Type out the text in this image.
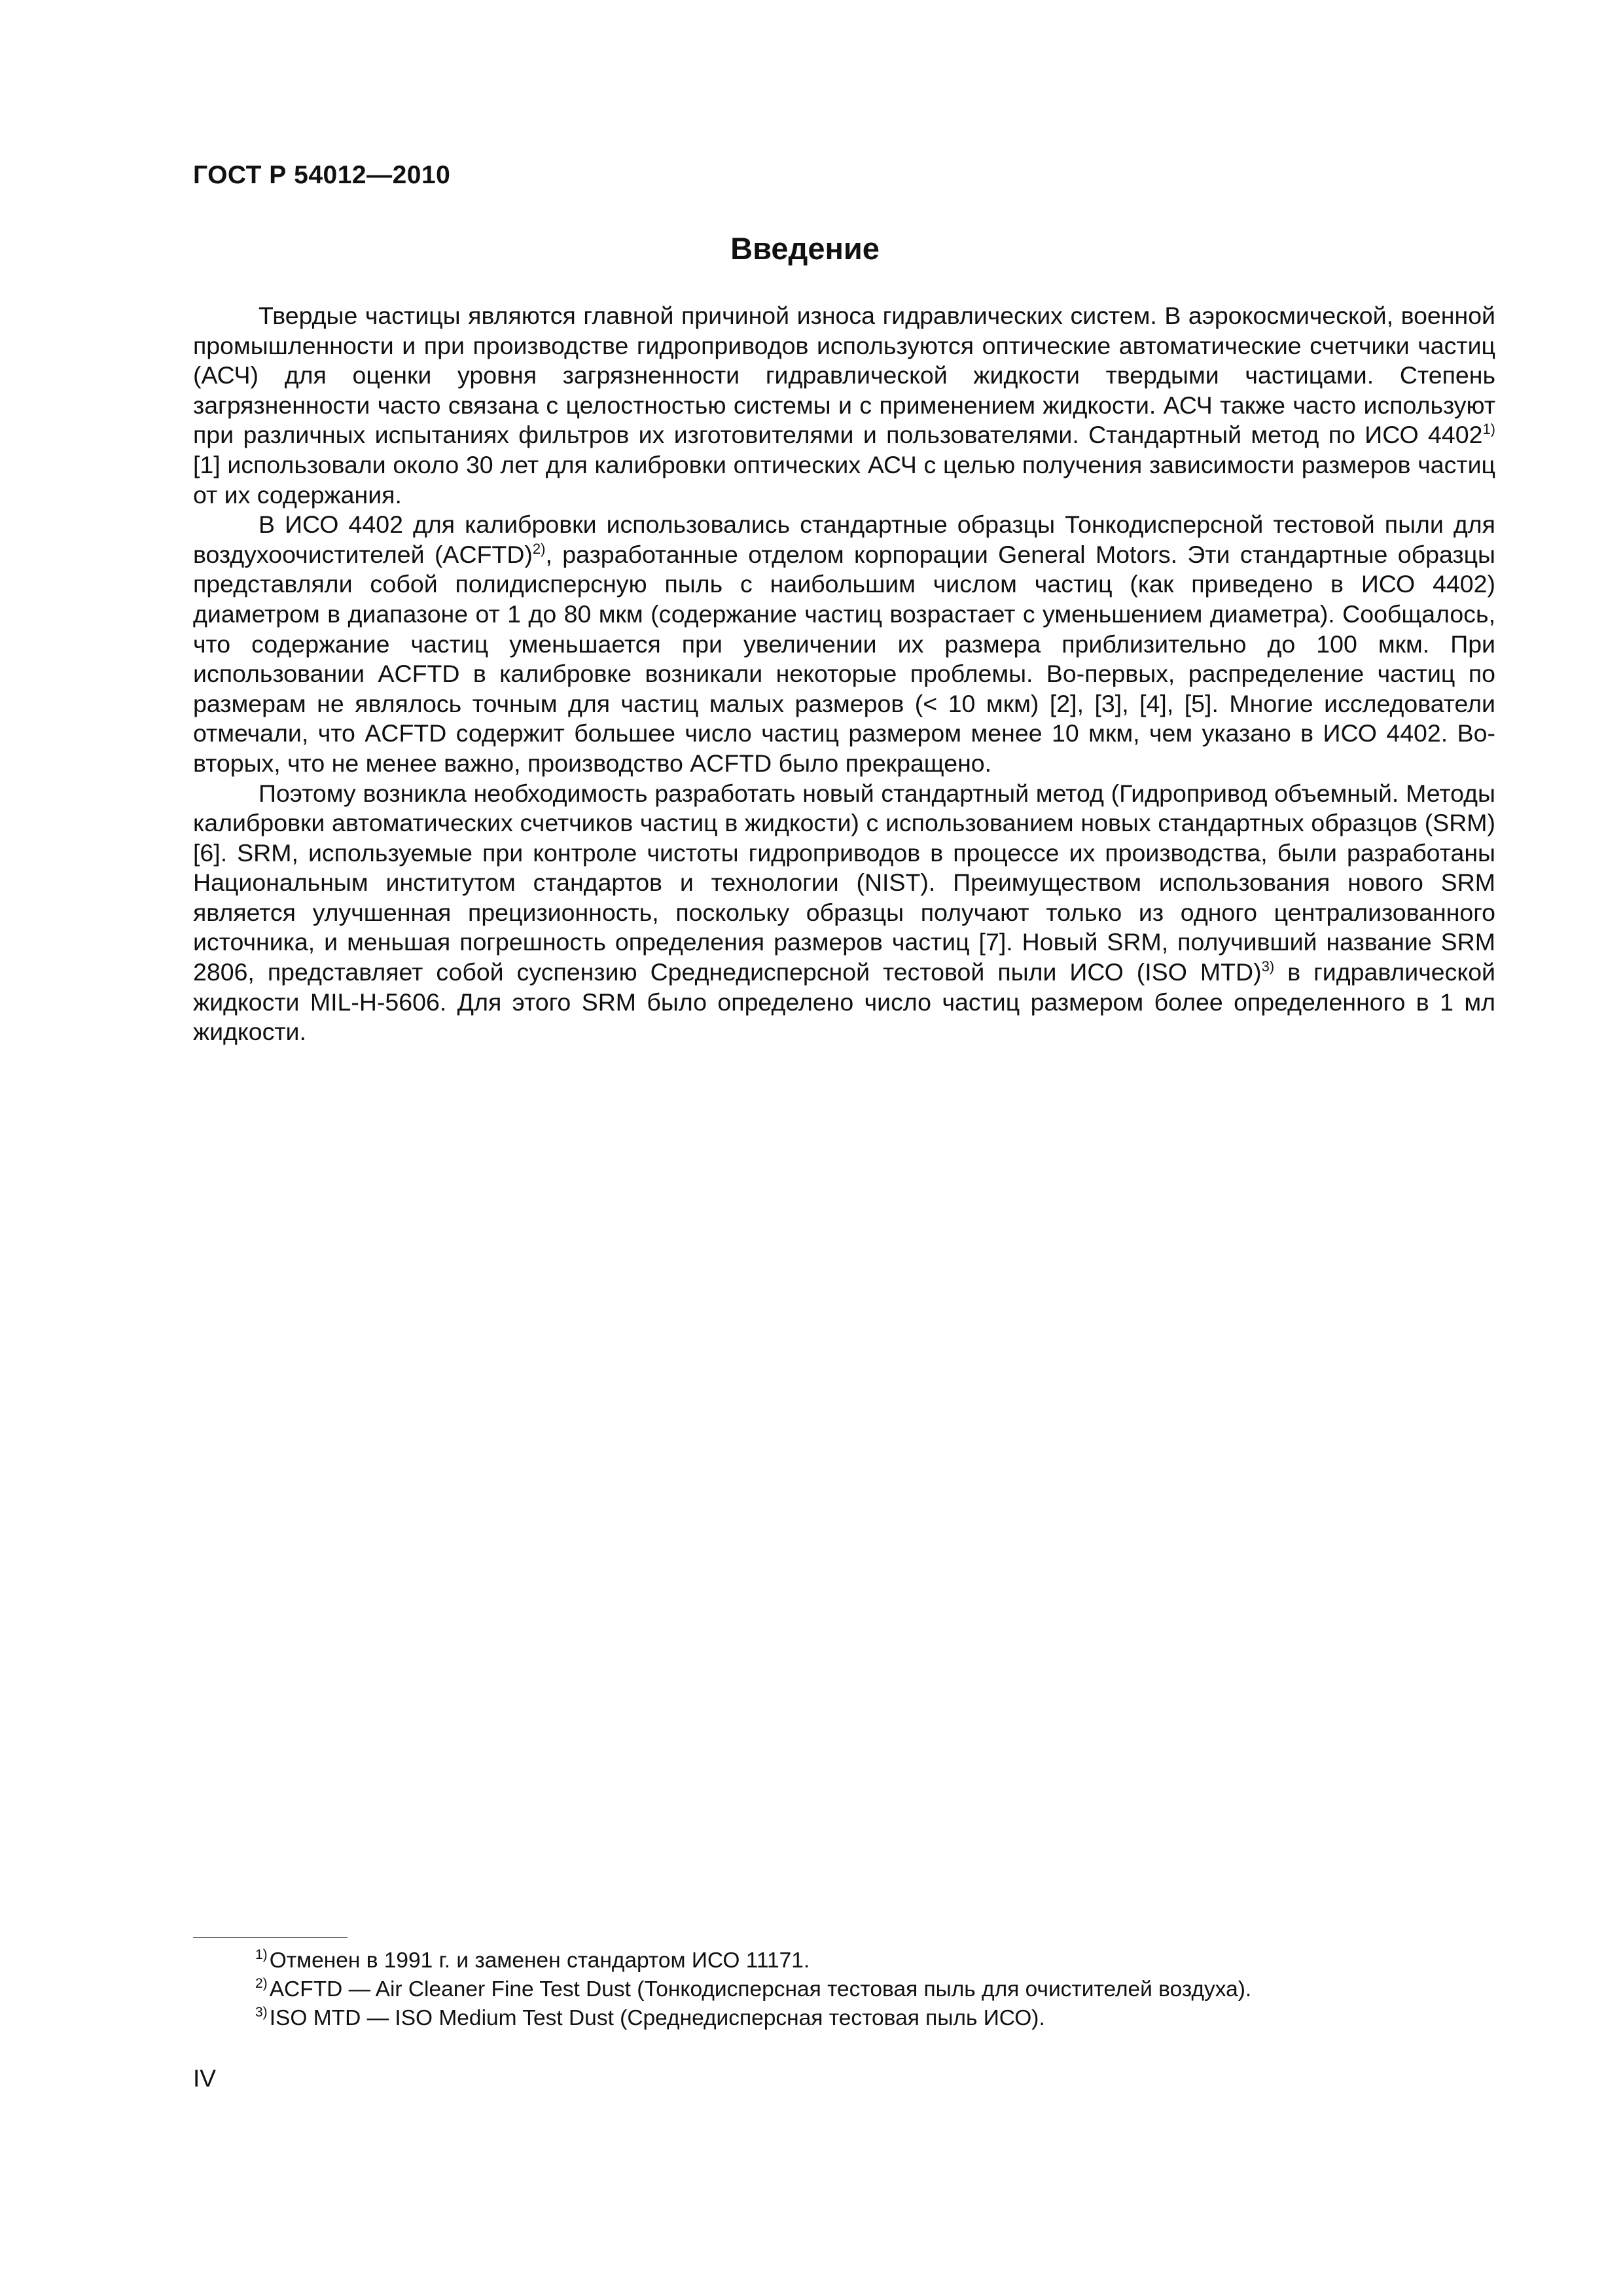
ГОСТ Р 54012—2010
Введение

Твердые частицы являются главной причиной износа гидравлических систем. В аэрокосмической, военной промышленности и при производстве гидроприводов используются оптические автоматические счетчики частиц (АСЧ) для оценки уровня загрязненности гидравлической жидкости твердыми частицами. Степень загрязненности часто связана с целостностью системы и с применением жидкости. АСЧ также часто используют при различных испытаниях фильтров их изготовителями и пользователями. Стандартный метод по ИСО 4402$^{1)}$ [1] использовали около 30 лет для калибровки оптических АСЧ с целью получения зависимости размеров частиц от их содержания.

В ИСО 4402 для калибровки использовались стандартные образцы Тонкодисперсной тестовой пыли для воздухоочистителей (ACFTD)$^{2)}$, разработанные отделом корпорации General Motors. Эти стандартные образцы представляли собой полидисперсную пыль с наибольшим числом частиц (как приведено в ИСО 4402) диаметром в диапазоне от 1 до 80 мкм (содержание частиц возрастает с уменьшением диаметра). Сообщалось, что содержание частиц уменьшается при увеличении их размера приблизительно до 100 мкм. При использовании ACFTD в калибровке возникали некоторые проблемы. Во-первых, распределение частиц по размерам не являлось точным для частиц малых размеров (< 10 мкм) [2], [3], [4], [5]. Многие исследователи отмечали, что ACFTD содержит большее число частиц размером менее 10 мкм, чем указано в ИСО 4402. Во-вторых, что не менее важно, производство ACFTD было прекращено.

Поэтому возникла необходимость разработать новый стандартный метод (Гидропривод объемный. Методы калибровки автоматических счетчиков частиц в жидкости) с использованием новых стандартных образцов (SRM) [6]. SRM, используемые при контроле чистоты гидроприводов в процессе их производства, были разработаны Национальным институтом стандартов и технологии (NIST). Преимуществом использования нового SRM является улучшенная прецизионность, поскольку образцы получают только из одного централизованного источника, и меньшая погрешность определения размеров частиц [7]. Новый SRM, получивший название SRM 2806, представляет собой суспензию Среднедисперсной тестовой пыли ИСО (ISO MTD)$^{3)}$ в гидравлической жидкости MIL-H-5606. Для этого SRM было определено число частиц размером более определенного в 1 мл жидкости.

$^{1)}$Отменен в 1991 г. и заменен стандартом ИСО 11171.
$^{2)}$ACFTD — Air Cleaner Fine Test Dust (Тонкодисперсная тестовая пыль для очистителей воздуха).
$^{3)}$ISO MTD — ISO Medium Test Dust (Среднедисперсная тестовая пыль ИСО).
IV
